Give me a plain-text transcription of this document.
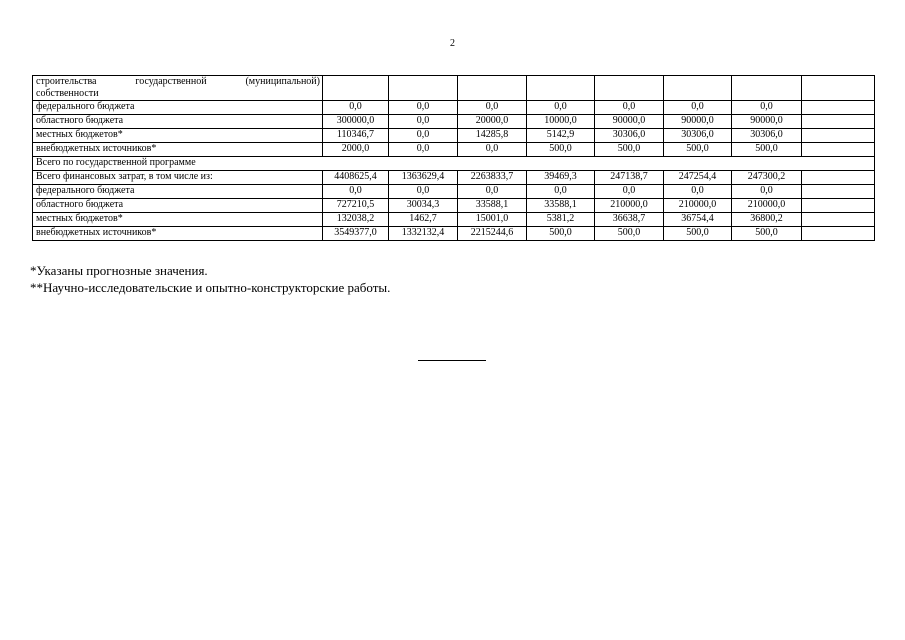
2
строительства государственной (муниципальной)
собственности								

федерального бюджета	0,0	0,0	0,0	0,0	0,0	0,0	0,0	
областного бюджета	300000,0	0,0	20000,0	10000,0	90000,0	90000,0	90000,0	
местных бюджетов*	110346,7	0,0	14285,8	5142,9	30306,0	30306,0	30306,0	
внебюджетных источников*	2000,0	0,0	0,0	500,0	500,0	500,0	500,0	
Всего по государственной программе								
Всего финансовых затрат, в том числе из:	4408625,4	1363629,4	2263833,7	39469,3	247138,7	247254,4	247300,2	
федерального бюджета	0,0	0,0	0,0	0,0	0,0	0,0	0,0	
областного бюджета	727210,5	30034,3	33588,1	33588,1	210000,0	210000,0	210000,0	
местных бюджетов*	132038,2	1462,7	15001,0	5381,2	36638,7	36754,4	36800,2	
внебюджетных источников*	3549377,0	1332132,4	2215244,6	500,0	500,0	500,0	500,0	
*Указаны прогнозные значения.
**Научно-исследовательские и опытно-конструкторские работы.
